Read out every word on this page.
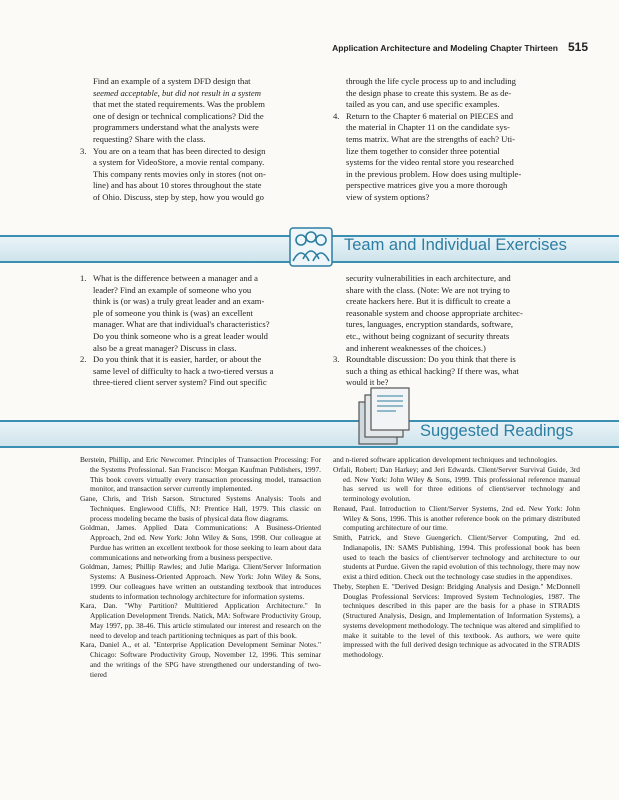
Application Architecture and Modeling Chapter Thirteen 515

Find an example of a system DFD design that

seemed acceptable, but did not result in a system

that met the stated requirements. Was the problem

one of design or technical complications? Did the

programmers understand what the analysts were

requesting? Share with the class.

3. You are on a team that has been directed to design

a system for VideoStore, a movie rental company.

This company rents movies only in stores (not on-

line) and has about 10 stores throughout the state

of Ohio. Discuss, step by step, how you would go

through the life cycle process up to and including

the design phase to create this system. Be as de-

tailed as you can, and use specific examples.

4. Return to the Chapter 6 material on PIECES and

the material in Chapter 11 on the candidate sys-

tems matrix. What are the strengths of each? Uti-

lize them together to consider three potential

systems for the video rental store you researched

in the previous problem. How does using multiple-

perspective matrices give you a more thorough

view of system options?

Team and Individual Exercises
1. What is the difference between a manager and a

leader? Find an example of someone who you

think is (or was) a truly great leader and an exam-

ple of someone you think is (was) an excellent

manager. What are that individual's characteristics?

Do you think someone who is a great leader would

also be a great manager? Discuss in class.

2. Do you think that it is easier, harder, or about the

same level of difficulty to hack a two-tiered versus a

three-tiered client server system? Find out specific

security vulnerabilities in each architecture, and

share with the class. (Note: We are not trying to

create hackers here. But it is difficult to create a

reasonable system and choose appropriate architec-

tures, languages, encryption standards, software,

etc., without being cognizant of security threats

and inherent weaknesses of the choices.)

3. Roundtable discussion: Do you think that there is

such a thing as ethical hacking? If there was, what

would it be?

Suggested Readings

Berstein, Phillip, and Eric Newcomer. Principles of Transaction Processing: For the Systems Professional. San Francisco: Morgan Kaufman Publishers, 1997. This book covers virtually every transaction processing model, transaction monitor, and transaction server currently implemented.

Gane, Chris, and Trish Sarson. Structured Systems Analysis: Tools and Techniques. Englewood Cliffs, NJ: Prentice Hall, 1979. This classic on process modeling became the basis of physical data flow diagrams.

Goldman, James. Applied Data Communications: A Business-Oriented Approach, 2nd ed. New York: John Wiley & Sons, 1998. Our colleague at Purdue has written an excellent textbook for those seeking to learn about data communications and networking from a business perspective.

Goldman, James; Phillip Rawles; and Julie Mariga. Client/Server Information Systems: A Business-Oriented Approach. New York: John Wiley & Sons, 1999. Our colleagues have written an outstanding textbook that introduces students to information technology architecture for information systems.

Kara, Dan. "Why Partition? Multitiered Application Architecture." In Application Development Trends. Natick, MA: Software Productivity Group, May 1997, pp. 38-46. This article stimulated our interest and research on the need to develop and teach partitioning techniques as part of this book.

Kara, Daniel A., et al. "Enterprise Application Development Seminar Notes." Chicago: Software Productivity Group, November 12, 1996. This seminar and the writings of the SPG have strengthened our understanding of two-tiered

and n-tiered software application development techniques and technologies.

Orfali, Robert; Dan Harkey; and Jeri Edwards. Client/Server Survival Guide, 3rd ed. New York: John Wiley & Sons, 1999. This professional reference manual has served us well for three editions of client/server technology and terminology evolution.

Renaud, Paul. Introduction to Client/Server Systems, 2nd ed. New York: John Wiley & Sons, 1996. This is another reference book on the primary distributed computing architecture of our time.

Smith, Patrick, and Steve Guengerich. Client/Server Computing, 2nd ed. Indianapolis, IN: SAMS Publishing, 1994. This professional book has been used to teach the basics of client/server technology and architecture to our students at Purdue. Given the rapid evolution of this technology, there may now exist a third edition. Check out the technology case studies in the appendixes.

Theby, Stephen E. "Derived Design: Bridging Analysis and Design." McDonnell Douglas Professional Services: Improved System Technologies, 1987. The techniques described in this paper are the basis for a phase in STRADIS (Structured Analysis, Design, and Implementation of Information Systems), a systems development methodology. The technique was altered and simplified to make it suitable to the level of this textbook. As authors, we were quite impressed with the full derived design technique as advocated in the STRADIS methodology.
